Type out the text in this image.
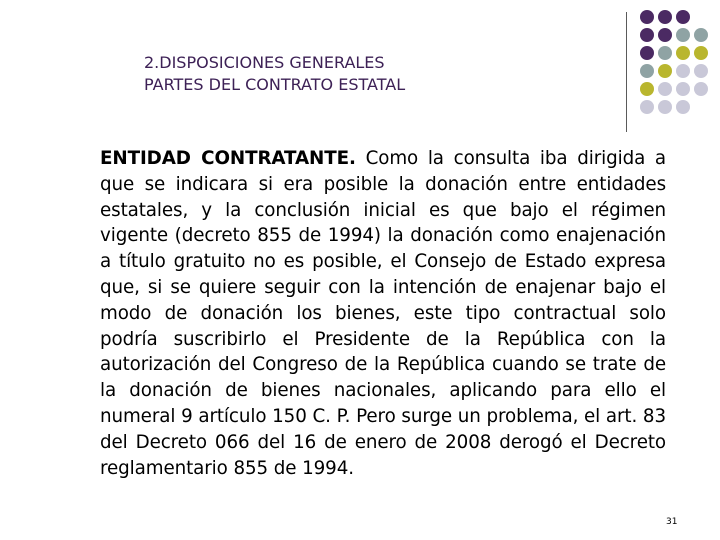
2.DISPOSICIONES GENERALES
PARTES DEL CONTRATO ESTATAL
ENTIDAD CONTRATANTE. Como la consulta iba dirigida a que se indicara si era posible la donación entre entidades estatales, y la conclusión inicial es que bajo el régimen vigente (decreto 855 de 1994) la donación como enajenación a título gratuito no es posible, el Consejo de Estado expresa que, si se quiere seguir con la intención de enajenar bajo el modo de donación los bienes, este tipo contractual solo podría suscribirlo el Presidente de la República con la autorización del Congreso de la República cuando se trate de la donación de bienes nacionales, aplicando para ello el numeral 9 artículo 150 C. P. Pero surge un problema, el art. 83 del Decreto 066 del 16 de enero de 2008 derogó el Decreto reglamentario 855 de 1994.
31
